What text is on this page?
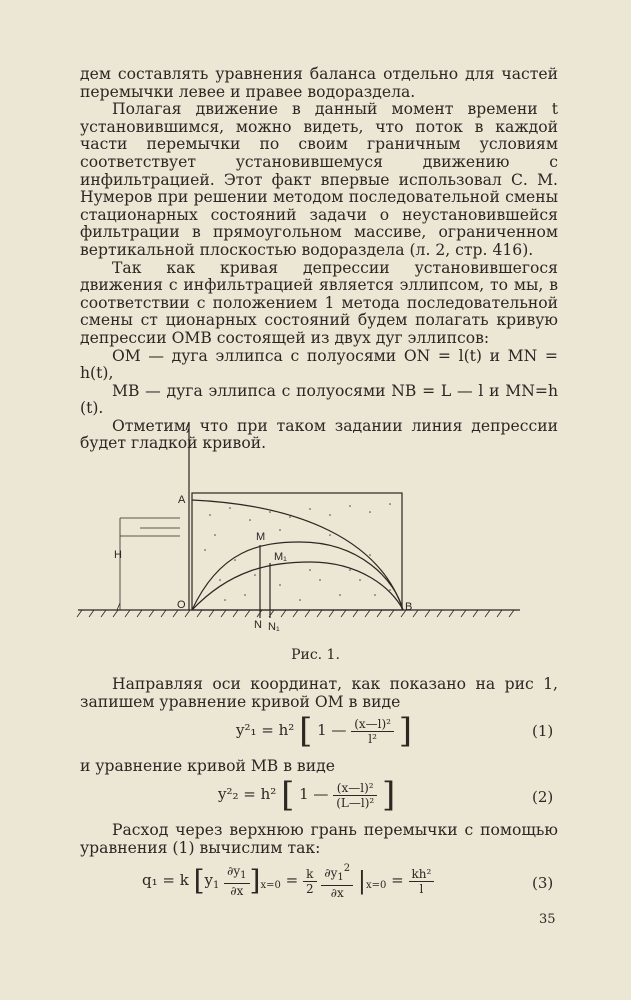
дем составлять уравнения баланса отдельно для частей перемычки левее и правее водораздела.

Полагая движение в данный момент времени t установившимся, можно видеть, что поток в каждой части перемычки по своим граничным условиям соответствует установившемуся движению с инфильтрацией. Этот факт впервые использовал С. М. Нумеров при решении методом последовательной смены стационарных состояний задачи о неустановившейся фильтрации в прямоугольном массиве, ограниченном вертикальной плоскостью водораздела (л. 2, стр. 416).

Так как кривая депрессии установившегося движения с инфильтрацией является эллипсом, то мы, в соответствии с положением 1 метода последовательной смены ст ционарных состояний будем полагать кривую депрессии ОМВ состоящей из двух дуг эллипсов:

ОМ — дуга эллипса с полуосями ON = l(t) и MN = h(t),

МВ — дуга эллипса с полуосями NB = L — l и MN=h (t).

Отметим, что при таком задании линия депрессии будет гладкой кривой.

A
O	B
M
M₁
N N₁
H
Рис. 1.

Направляя оси координат, как показано на рис 1, запишем уравнение кривой ОМ в виде

y²₁ = h² [ 1 — $\frac{\text{(x—l)²}}{\text{l²}}$ ]	(1)

и уравнение кривой МВ в виде

y²₂ = h² [ 1 — $\frac{\text{(x—l)²}}{\text{(L—l)²}}$ ]	(2)

Расход через верхнюю грань перемычки с помощью уравнения (1) вычислим так:

q₁ = k $[y_1 \frac{\partial y_1}{\partial x} ]_{x=0} = \frac{k}{2}$
$\frac{\partial y_1^2}{\partial x} |_{x=0} = \frac{\text{kh²}}{l}$	(3)
35
